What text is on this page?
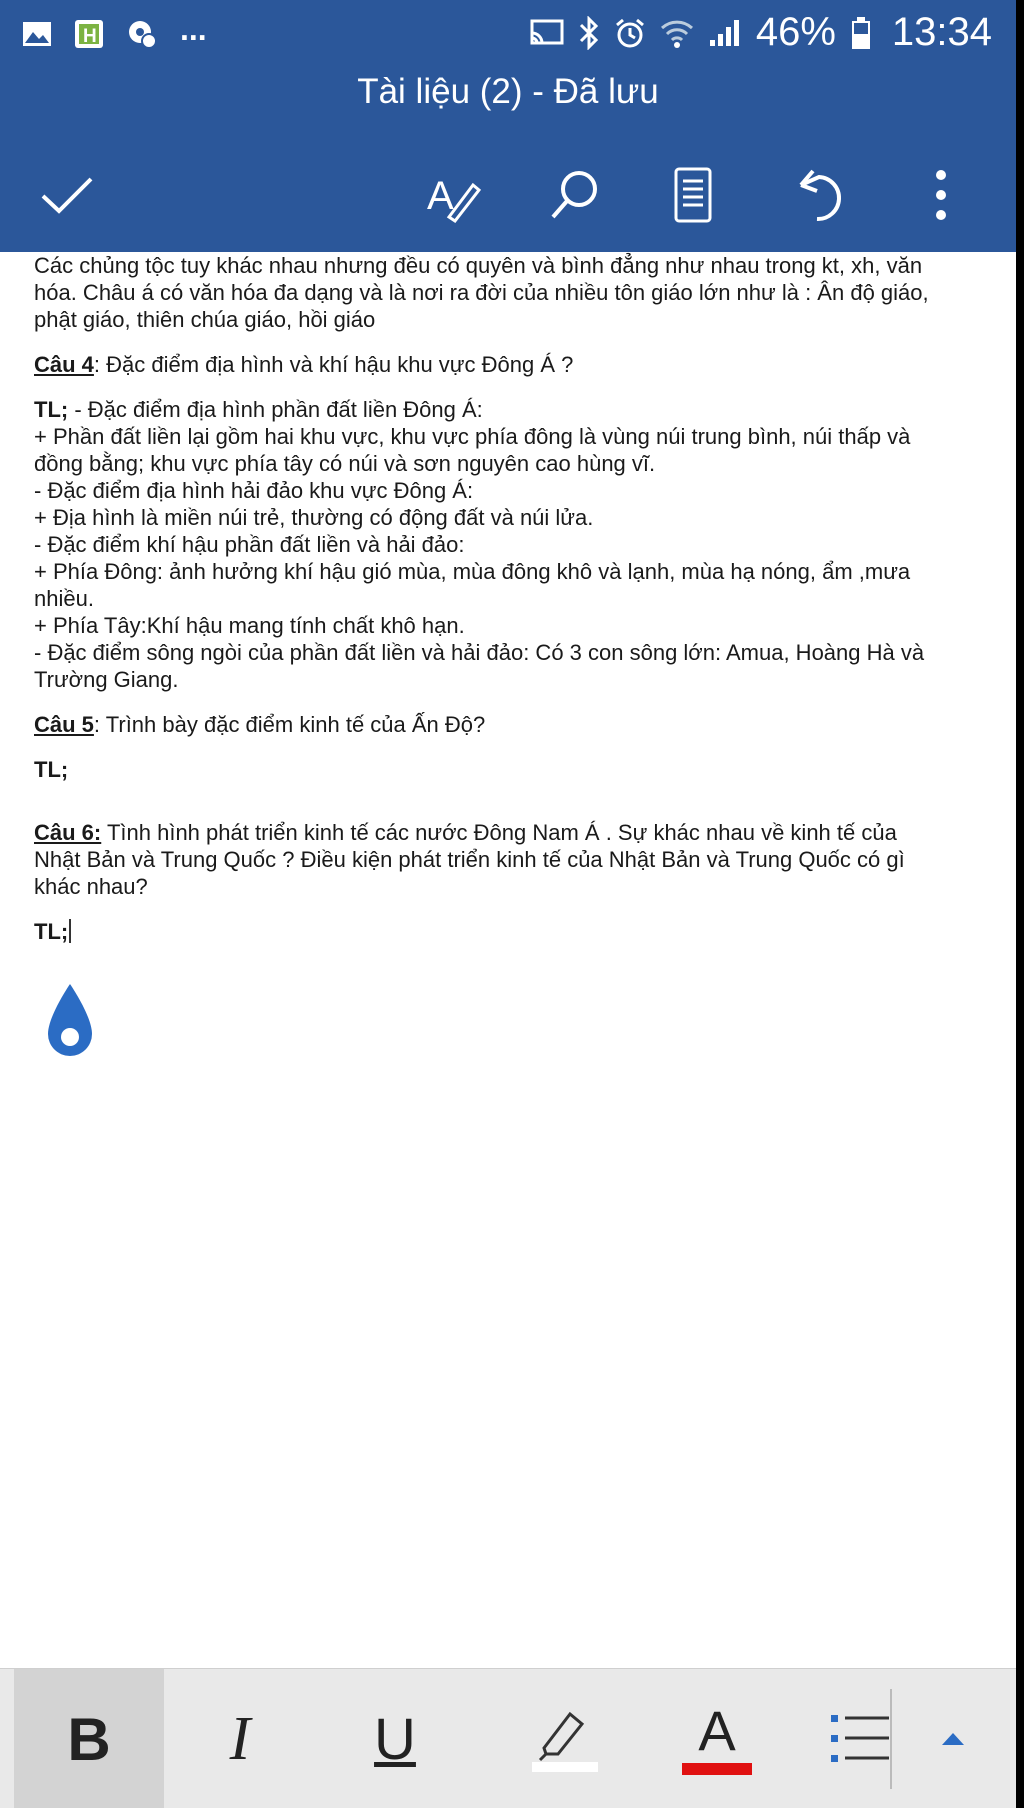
H	...	46% 13:34
Tài liệu (2) - Đã lưu
A

Các chủng tộc tuy khác nhau nhưng đều có quyên và bình đẳng như nhau trong kt, xh, văn

hóa. Châu á có văn hóa đa dạng và là nơi ra đời của nhiều tôn giáo lớn như là : Ân độ giáo,

phật giáo, thiên chúa giáo, hồi giáo

Câu 4: Đặc điểm địa hình và khí hậu khu vực Đông Á ?

TL; - Đặc điểm địa hình phần đất liền Đông Á:

+ Phần đất liền lại gồm hai khu vực, khu vực phía đông là vùng núi trung bình, núi thấp và

đồng bằng; khu vực phía tây có núi và sơn nguyên cao hùng vĩ.

- Đặc điểm địa hình hải đảo khu vực Đông Á:

+ Địa hình là miền núi trẻ, thường có động đất và núi lửa.

- Đặc điểm khí hậu phần đất liền và hải đảo:

+ Phía Đông: ảnh hưởng khí hậu gió mùa, mùa đông khô và lạnh, mùa hạ nóng, ẩm ,mưa

nhiều.

+ Phía Tây:Khí hậu mang tính chất khô hạn.

- Đặc điểm sông ngòi của phần đất liền và hải đảo: Có 3 con sông lớn: Amua, Hoàng Hà và

Trường Giang.

Câu 5: Trình bày đặc điểm kinh tế của Ấn Độ?

TL;

Câu 6: Tình hình phát triển kinh tế các nước Đông Nam Á . Sự khác nhau về kinh tế của

Nhật Bản và Trung Quốc ? Điều kiện phát triển kinh tế của Nhật Bản và Trung Quốc có gì

khác nhau?

TL;

B	I	U	A
